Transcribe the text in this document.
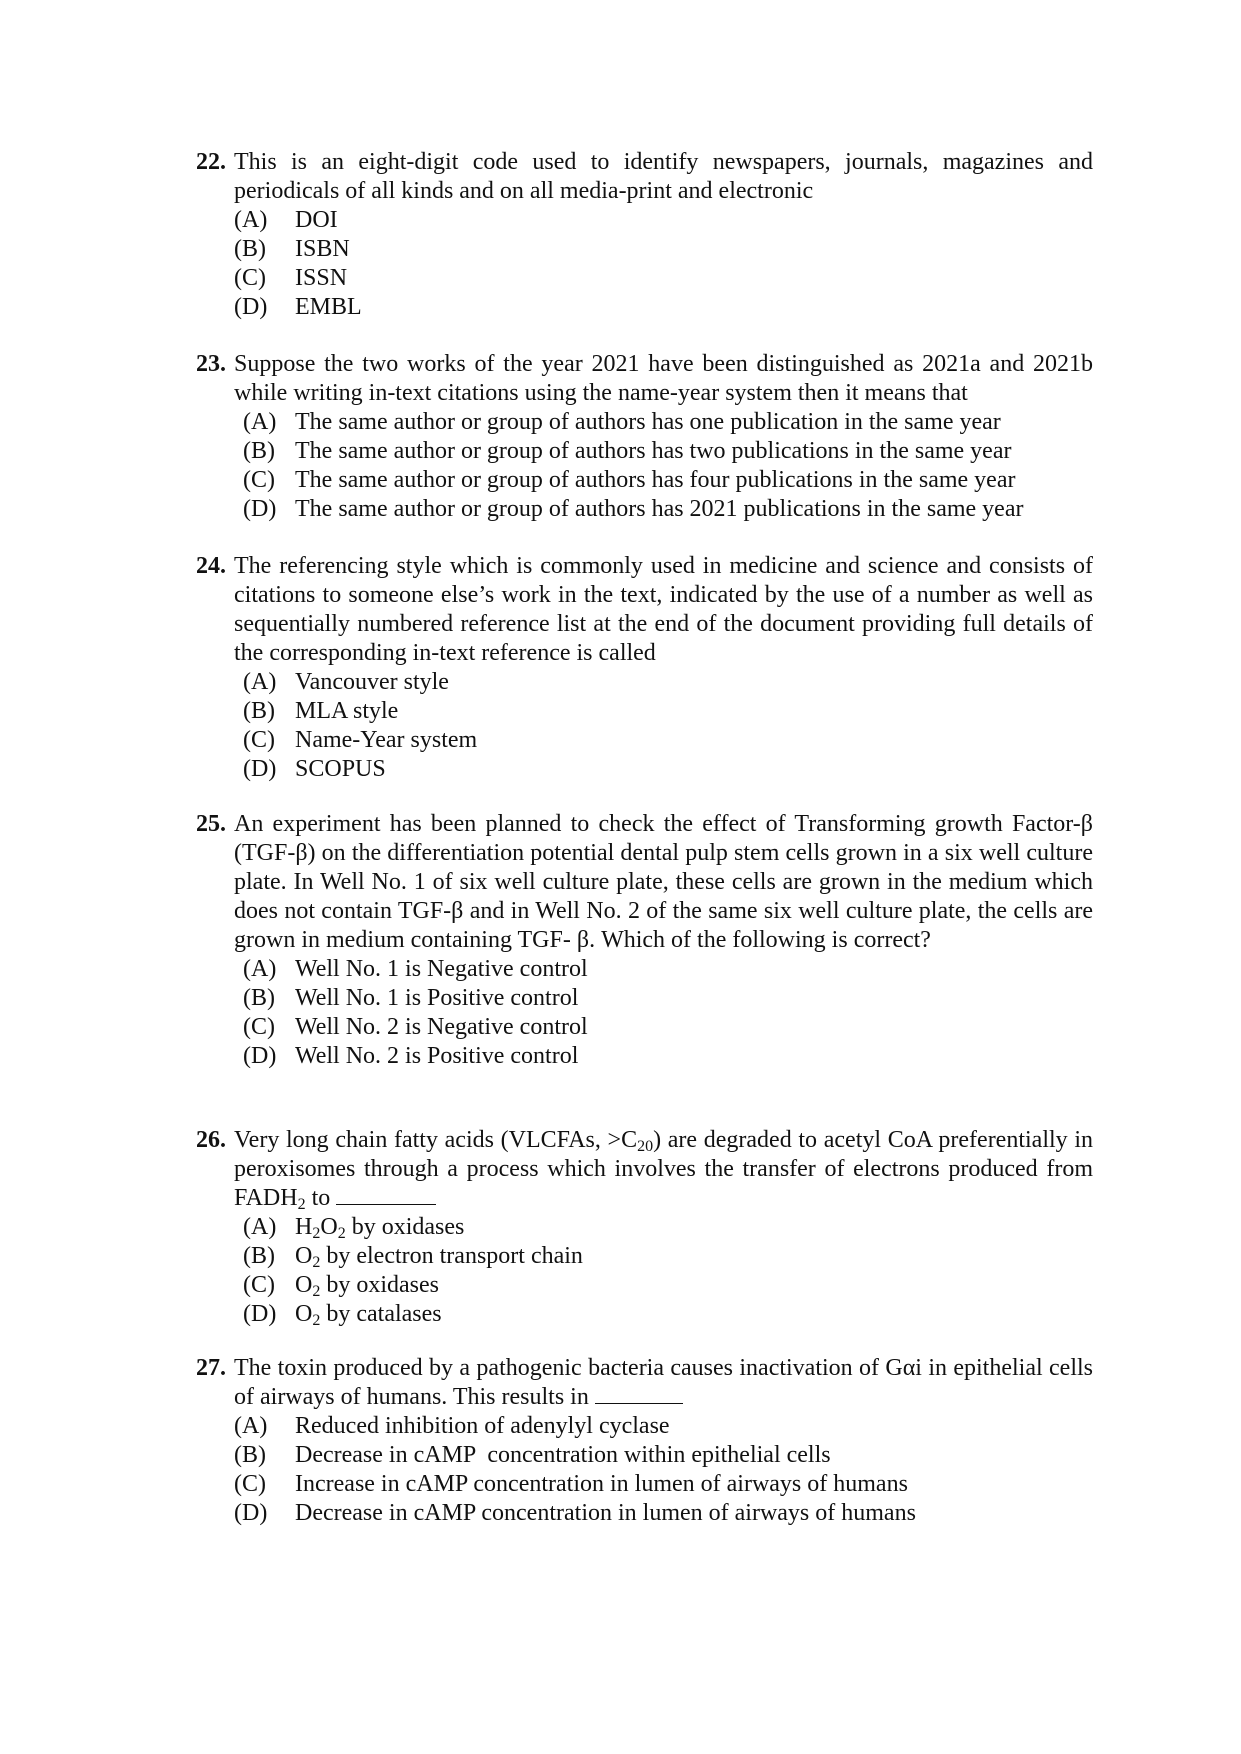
22. This is an eight-digit code used to identify newspapers, journals, magazines and periodicals of all kinds and on all media-print and electronic
(A)	DOI
(B)	ISBN
(C)	ISSN
(D)	EMBL
23. Suppose the two works of the year 2021 have been distinguished as 2021a and 2021b while writing in-text citations using the name-year system then it means that
(A) The same author or group of authors has one publication in the same year
(B) The same author or group of authors has two publications in the same year
(C) The same author or group of authors has four publications in the same year
(D) The same author or group of authors has 2021 publications in the same year
24. The referencing style which is commonly used in medicine and science and consists of citations to someone else’s work in the text, indicated by the use of a number as well as sequentially numbered reference list at the end of the document providing full details of the corresponding in-text reference is called
(A) Vancouver style
(B) MLA style
(C) Name-Year system
(D) SCOPUS
25. An experiment has been planned to check the effect of Transforming growth Factor-β (TGF-β) on the differentiation potential dental pulp stem cells grown in a six well culture plate. In Well No. 1 of six well culture plate, these cells are grown in the medium which does not contain TGF-β and in Well No. 2 of the same six well culture plate, the cells are grown in medium containing TGF- β. Which of the following is correct?
(A) Well No. 1 is Negative control
(B) Well No. 1 is Positive control
(C) Well No. 2 is Negative control
(D) Well No. 2 is Positive control
26. Very long chain fatty acids (VLCFAs, $>C_{20}$) are degraded to acetyl CoA preferentially in peroxisomes through a process which involves the transfer of electrons produced from $FADH_2$ to
(A) $H_2O_2$ by oxidases
(B) $O_2$ by electron transport chain
(C) $O_2$ by oxidases
(D) $O_2$ by catalases
27. The toxin produced by a pathogenic bacteria causes inactivation of Gαi in epithelial cells of airways of humans. This results in
(A)	Reduced inhibition of adenylyl cyclase
(B)	Decrease in cAMP  concentration within epithelial cells
(C)	Increase in cAMP concentration in lumen of airways of humans
(D)	Decrease in cAMP concentration in lumen of airways of humans
